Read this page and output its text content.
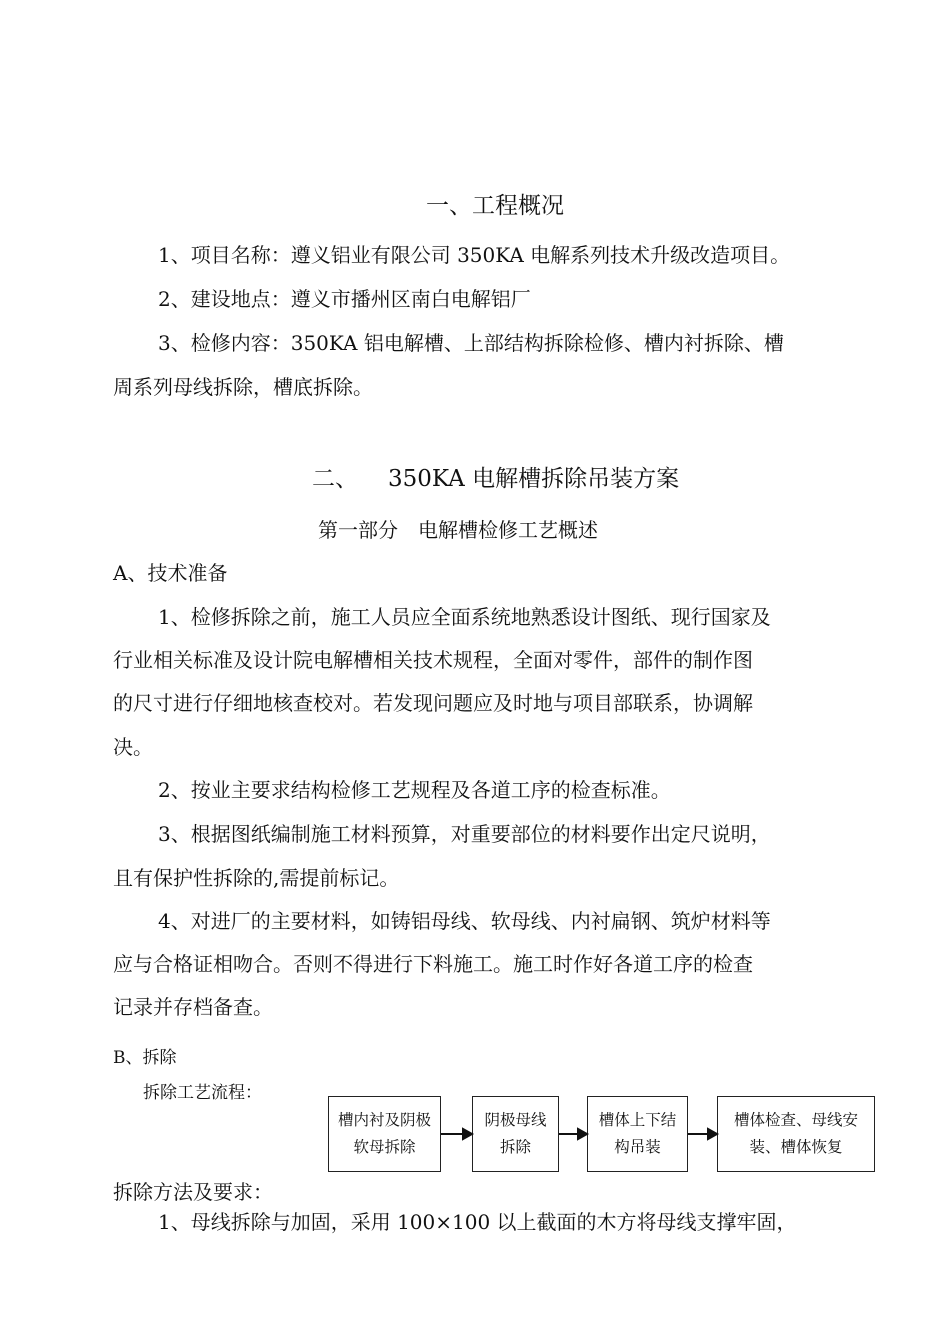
一、工程概况
1、项目名称：遵义铝业有限公司 350KA 电解系列技术升级改造项目。
2、建设地点：遵义市播州区南白电解铝厂
3、检修内容：350KA 铝电解槽、上部结构拆除检修、槽内衬拆除、槽
周系列母线拆除，槽底拆除。
二、 350KA 电解槽拆除吊装方案
第一部分　电解槽检修工艺概述
A、技术准备
1、检修拆除之前，施工人员应全面系统地熟悉设计图纸、现行国家及
行业相关标准及设计院电解槽相关技术规程，全面对零件，部件的制作图
的尺寸进行仔细地核查校对。若发现问题应及时地与项目部联系，协调解
决。
2、按业主要求结构检修工艺规程及各道工序的检查标准。
3、根据图纸编制施工材料预算，对重要部位的材料要作出定尺说明，
且有保护性拆除的,需提前标记。
4、对进厂的主要材料，如铸铝母线、软母线、内衬扁钢、筑炉材料等
应与合格证相吻合。否则不得进行下料施工。施工时作好各道工序的检查
记录并存档备查。
B、拆除
拆除工艺流程：
槽内衬及阴极软母拆除
阴极母线拆除
槽体上下结构吊装
槽体检查、母线安装、槽体恢复
拆除方法及要求：
1、母线拆除与加固，采用 100×100 以上截面的木方将母线支撑牢固，
